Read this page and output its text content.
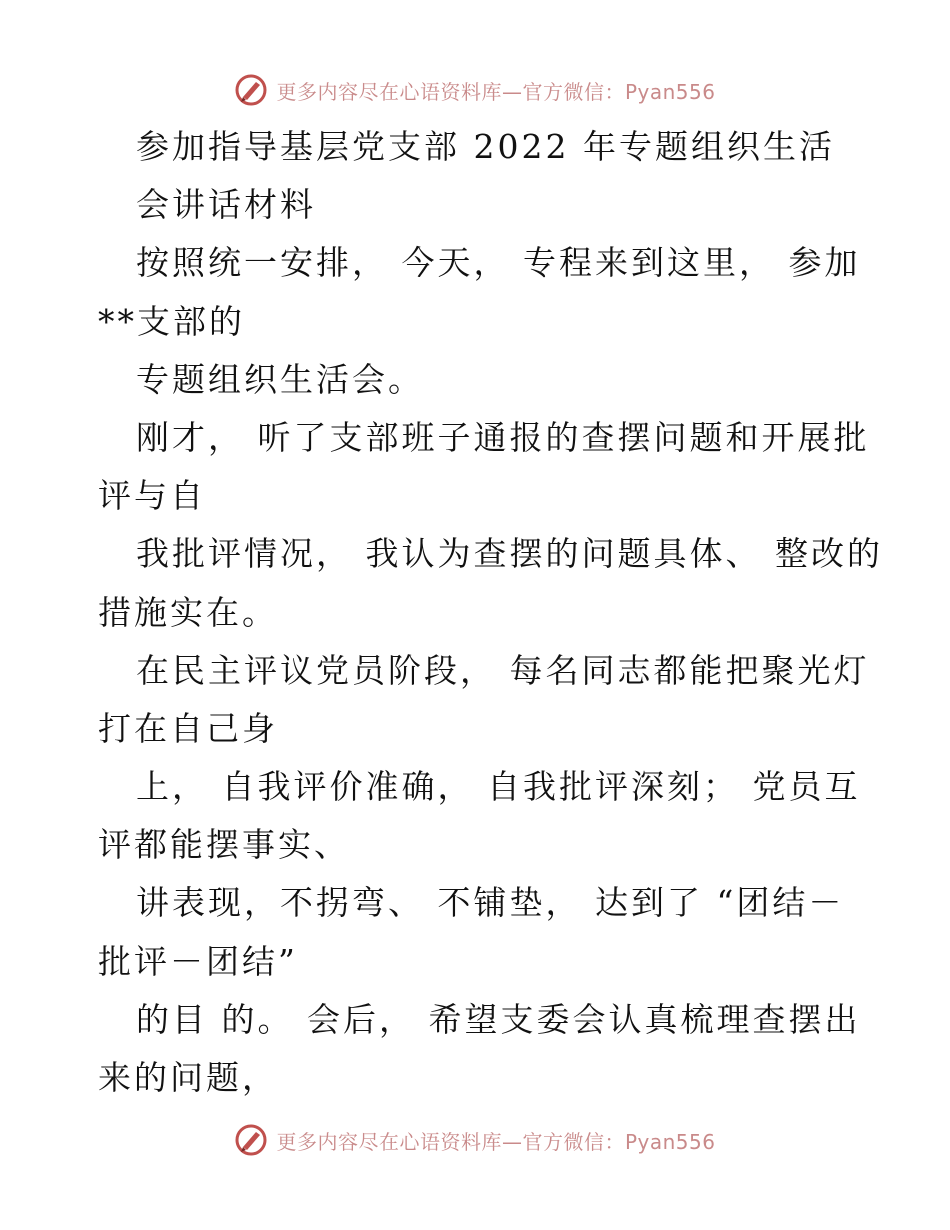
更多内容尽在心语资料库—官方微信：Pyan556
参加指导基层党支部 2022 年专题组织生活
会讲话材料
按照统一安排， 今天， 专程来到这里， 参加
**支部的
专题组织生活会。
刚才， 听了支部班子通报的查摆问题和开展批
评与自
我批评情况， 我认为查摆的问题具体、 整改的
措施实在。
在民主评议党员阶段， 每名同志都能把聚光灯
打在自己身
上， 自我评价准确， 自我批评深刻； 党员互
评都能摆事实、
讲表现，不拐弯、 不铺垫， 达到了 “团结－
批评－团结”
的目 的。 会后， 希望支委会认真梳理查摆出
来的问题，
更多内容尽在心语资料库—官方微信：Pyan556
